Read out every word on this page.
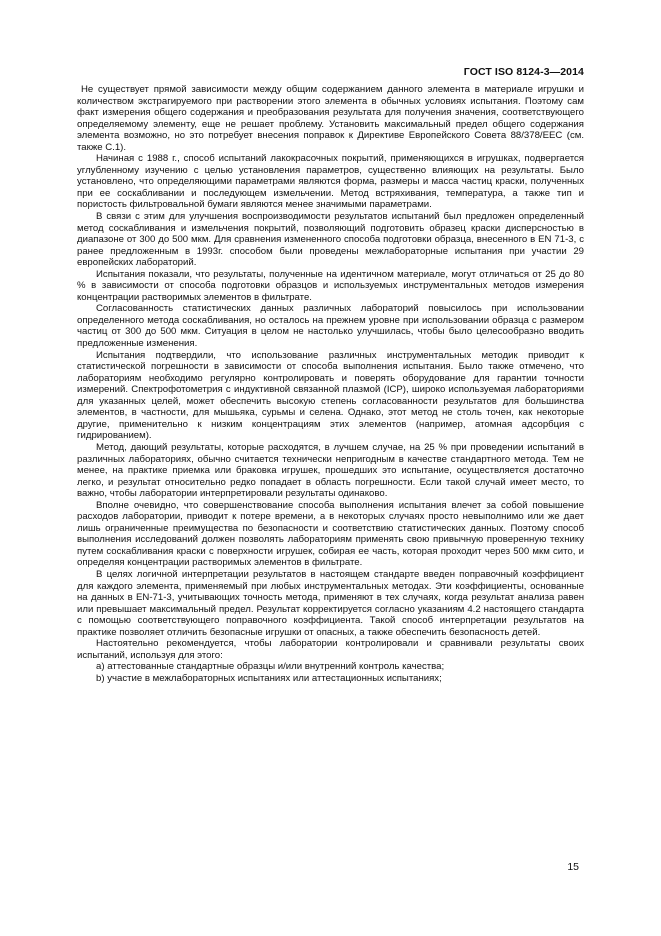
ГОСТ ISO 8124-3—2014

Не существует прямой зависимости между общим содержанием данного элемента в материале игрушки и количеством экстрагируемого при растворении этого элемента в обычных условиях испытания. Поэтому сам факт измерения общего содержания и преобразования результата для получения значения, соответствующего определяемому элементу, еще не решает проблему. Установить максимальный предел общего содержания элемента возможно, но это потребует внесения поправок к Директиве Европейского Совета 88/378/ЕЕС (см. также С.1).

Начиная с 1988 г., способ испытаний лакокрасочных покрытий, применяющихся в игрушках, подвергается углубленному изучению с целью установления параметров, существенно влияющих на результаты. Было установлено, что определяющими параметрами являются форма, размеры и масса частиц краски, полученных при ее соскабливании и последующем измельчении. Метод встряхивания, температура, а также тип и пористость фильтровальной бумаги являются менее значимыми параметрами.

В связи с этим для улучшения воспроизводимости результатов испытаний был предложен определенный метод соскабливания и измельчения покрытий, позволяющий подготовить образец краски дисперсностью в диапазоне от 300 до 500 мкм. Для сравнения измененного способа подготовки образца, внесенного в EN 71-3, с ранее предложенным в 1993г. способом были проведены межлабораторные испытания при участии 29 европейских лабораторий.

Испытания показали, что результаты, полученные на идентичном материале, могут отличаться от 25 до 80 % в зависимости от способа подготовки образцов и используемых инструментальных методов измерения концентрации растворимых элементов в фильтрате.

Согласованность статистических данных различных лабораторий повысилось при использовании определенного метода соскабливания, но осталось на прежнем уровне при использовании образца с размером частиц от 300 до 500 мкм. Ситуация в целом не настолько улучшилась, чтобы было целесообразно вводить предложенные изменения.

Испытания подтвердили, что использование различных инструментальных методик приводит к статистической погрешности в зависимости от способа выполнения испытания. Было также отмечено, что лабораториям необходимо регулярно контролировать и поверять оборудование для гарантии точности измерений. Спектрофотометрия с индуктивной связанной плазмой (ICP), широко используемая лабораториями для указанных целей, может обеспечить высокую степень согласованности результатов для большинства элементов, в частности, для мышьяка, сурьмы и селена. Однако, этот метод не столь точен, как некоторые другие, применительно к низким концентрациям этих элементов (например, атомная адсорбция с гидрированием).

Метод, дающий результаты, которые расходятся, в лучшем случае, на 25 % при проведении испытаний в различных лабораториях, обычно считается технически непригодным в качестве стандартного метода. Тем не менее, на практике приемка или браковка игрушек, прошедших это испытание, осуществляется достаточно легко, и результат относительно редко попадает в область погрешности. Если такой случай имеет место, то важно, чтобы лаборатории интерпретировали результаты одинаково.

Вполне очевидно, что совершенствование способа выполнения испытания влечет за собой повышение расходов лаборатории, приводит к потере времени, а в некоторых случаях просто невыполнимо или же дает лишь ограниченные преимущества по безопасности и соответствию статистических данных. Поэтому способ выполнения исследований должен позволять лабораториям применять свою привычную проверенную технику путем соскабливания краски с поверхности игрушек, собирая ее часть, которая проходит через 500 мкм сито, и определяя концентрации растворимых элементов в фильтрате.

В целях логичной интерпретации результатов в настоящем стандарте введен поправочный коэффициент для каждого элемента, применяемый при любых инструментальных методах. Эти коэффициенты, основанные на данных в EN-71-3, учитывающих точность метода, применяют в тех случаях, когда результат анализа равен или превышает максимальный предел. Результат корректируется согласно указаниям 4.2 настоящего стандарта с помощью соответствующего поправочного коэффициента. Такой способ интерпретации результатов на практике позволяет отличить безопасные игрушки от опасных, а также обеспечить безопасность детей.

Настоятельно рекомендуется, чтобы лаборатории контролировали и сравнивали результаты своих испытаний, используя для этого:

a) аттестованные стандартные образцы и/или внутренний контроль качества;

b) участие в межлабораторных испытаниях или аттестационных испытаниях;

15
